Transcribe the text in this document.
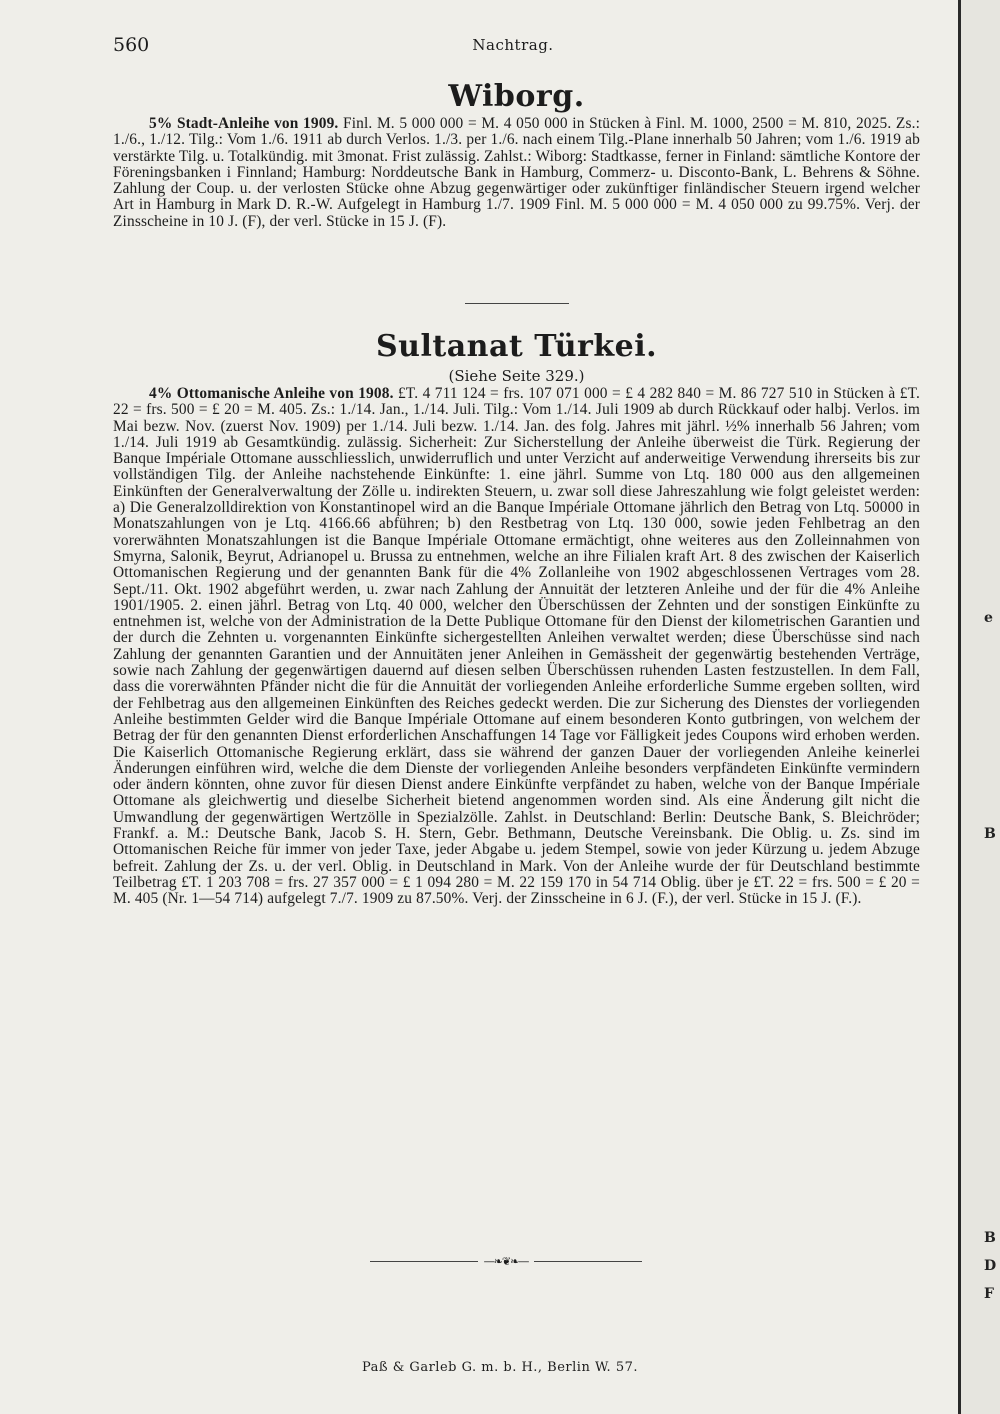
560	Nachtrag.
Wiborg.

5% Stadt-Anleihe von 1909. Finl. M. 5 000 000 = M. 4 050 000 in Stücken à Finl. M. 1000, 2500 = M. 810, 2025. Zs.: 1./6., 1./12. Tilg.: Vom 1./6. 1911 ab durch Verlos. 1./3. per 1./6. nach einem Tilg.-Plane innerhalb 50 Jahren; vom 1./6. 1919 ab verstärkte Tilg. u. Totalkündig. mit 3monat. Frist zulässig. Zahlst.: Wiborg: Stadtkasse, ferner in Finland: sämtliche Kontore der Föreningsbanken i Finnland; Hamburg: Norddeutsche Bank in Hamburg, Commerz- u. Disconto-Bank, L. Behrens & Söhne. Zahlung der Coup. u. der verlosten Stücke ohne Abzug gegenwärtiger oder zukünftiger finländischer Steuern irgend welcher Art in Hamburg in Mark D. R.-W. Aufgelegt in Hamburg 1./7. 1909 Finl. M. 5 000 000 = M. 4 050 000 zu 99.75%. Verj. der Zinsscheine in 10 J. (F), der verl. Stücke in 15 J. (F).

Sultanat Türkei.

(Siehe Seite 329.)

4% Ottomanische Anleihe von 1908. £T. 4 711 124 = frs. 107 071 000 = £ 4 282 840 = M. 86 727 510 in Stücken à £T. 22 = frs. 500 = £ 20 = M. 405. Zs.: 1./14. Jan., 1./14. Juli. Tilg.: Vom 1./14. Juli 1909 ab durch Rückkauf oder halbj. Verlos. im Mai bezw. Nov. (zuerst Nov. 1909) per 1./14. Juli bezw. 1./14. Jan. des folg. Jahres mit jährl. ½% innerhalb 56 Jahren; vom 1./14. Juli 1919 ab Gesamtkündig. zulässig. Sicherheit: Zur Sicherstellung der Anleihe überweist die Türk. Regierung der Banque Impériale Ottomane ausschliesslich, unwiderruflich und unter Verzicht auf anderweitige Verwendung ihrerseits bis zur vollständigen Tilg. der Anleihe nachstehende Einkünfte: 1. eine jährl. Summe von Ltq. 180 000 aus den allgemeinen Einkünften der Generalverwaltung der Zölle u. indirekten Steuern, u. zwar soll diese Jahreszahlung wie folgt geleistet werden: a) Die Generalzolldirektion von Konstantinopel wird an die Banque Impériale Ottomane jährlich den Betrag von Ltq. 50000 in Monatszahlungen von je Ltq. 4166.66 abführen; b) den Restbetrag von Ltq. 130 000, sowie jeden Fehlbetrag an den vorerwähnten Monatszahlungen ist die Banque Impériale Ottomane ermächtigt, ohne weiteres aus den Zolleinnahmen von Smyrna, Salonik, Beyrut, Adrianopel u. Brussa zu entnehmen, welche an ihre Filialen kraft Art. 8 des zwischen der Kaiserlich Ottomanischen Regierung und der genannten Bank für die 4% Zollanleihe von 1902 abgeschlossenen Vertrages vom 28. Sept./11. Okt. 1902 abgeführt werden, u. zwar nach Zahlung der Annuität der letzteren Anleihe und der für die 4% Anleihe 1901/1905. 2. einen jährl. Betrag von Ltq. 40 000, welcher den Überschüssen der Zehnten und der sonstigen Einkünfte zu entnehmen ist, welche von der Administration de la Dette Publique Ottomane für den Dienst der kilometrischen Garantien und der durch die Zehnten u. vorgenannten Einkünfte sichergestellten Anleihen verwaltet werden; diese Überschüsse sind nach Zahlung der genannten Garantien und der Annuitäten jener Anleihen in Gemässheit der gegenwärtig bestehenden Verträge, sowie nach Zahlung der gegenwärtigen dauernd auf diesen selben Überschüssen ruhenden Lasten festzustellen. In dem Fall, dass die vorerwähnten Pfänder nicht die für die Annuität der vorliegenden Anleihe erforderliche Summe ergeben sollten, wird der Fehlbetrag aus den allgemeinen Einkünften des Reiches gedeckt werden. Die zur Sicherung des Dienstes der vorliegenden Anleihe bestimmten Gelder wird die Banque Impériale Ottomane auf einem besonderen Konto gutbringen, von welchem der Betrag der für den genannten Dienst erforderlichen Anschaffungen 14 Tage vor Fälligkeit jedes Coupons wird erhoben werden. Die Kaiserlich Ottomanische Regierung erklärt, dass sie während der ganzen Dauer der vorliegenden Anleihe keinerlei Änderungen einführen wird, welche die dem Dienste der vorliegenden Anleihe besonders verpfändeten Einkünfte vermindern oder ändern könnten, ohne zuvor für diesen Dienst andere Einkünfte verpfändet zu haben, welche von der Banque Impériale Ottomane als gleichwertig und dieselbe Sicherheit bietend angenommen worden sind. Als eine Änderung gilt nicht die Umwandlung der gegenwärtigen Wertzölle in Spezialzölle. Zahlst. in Deutschland: Berlin: Deutsche Bank, S. Bleichröder; Frankf. a. M.: Deutsche Bank, Jacob S. H. Stern, Gebr. Bethmann, Deutsche Vereinsbank. Die Oblig. u. Zs. sind im Ottomanischen Reiche für immer von jeder Taxe, jeder Abgabe u. jedem Stempel, sowie von jeder Kürzung u. jedem Abzuge befreit. Zahlung der Zs. u. der verl. Oblig. in Deutschland in Mark. Von der Anleihe wurde der für Deutschland bestimmte Teilbetrag £T. 1 203 708 = frs. 27 357 000 = £ 1 094 280 = M. 22 159 170 in 54 714 Oblig. über je £T. 22 = frs. 500 = £ 20 = M. 405 (Nr. 1—54 714) aufgelegt 7./7. 1909 zu 87.50%. Verj. der Zinsscheine in 6 J. (F.), der verl. Stücke in 15 J. (F.).

—❧❦❧—
Paß & Garleb G. m. b. H., Berlin W. 57.
e
B
B
D
F
